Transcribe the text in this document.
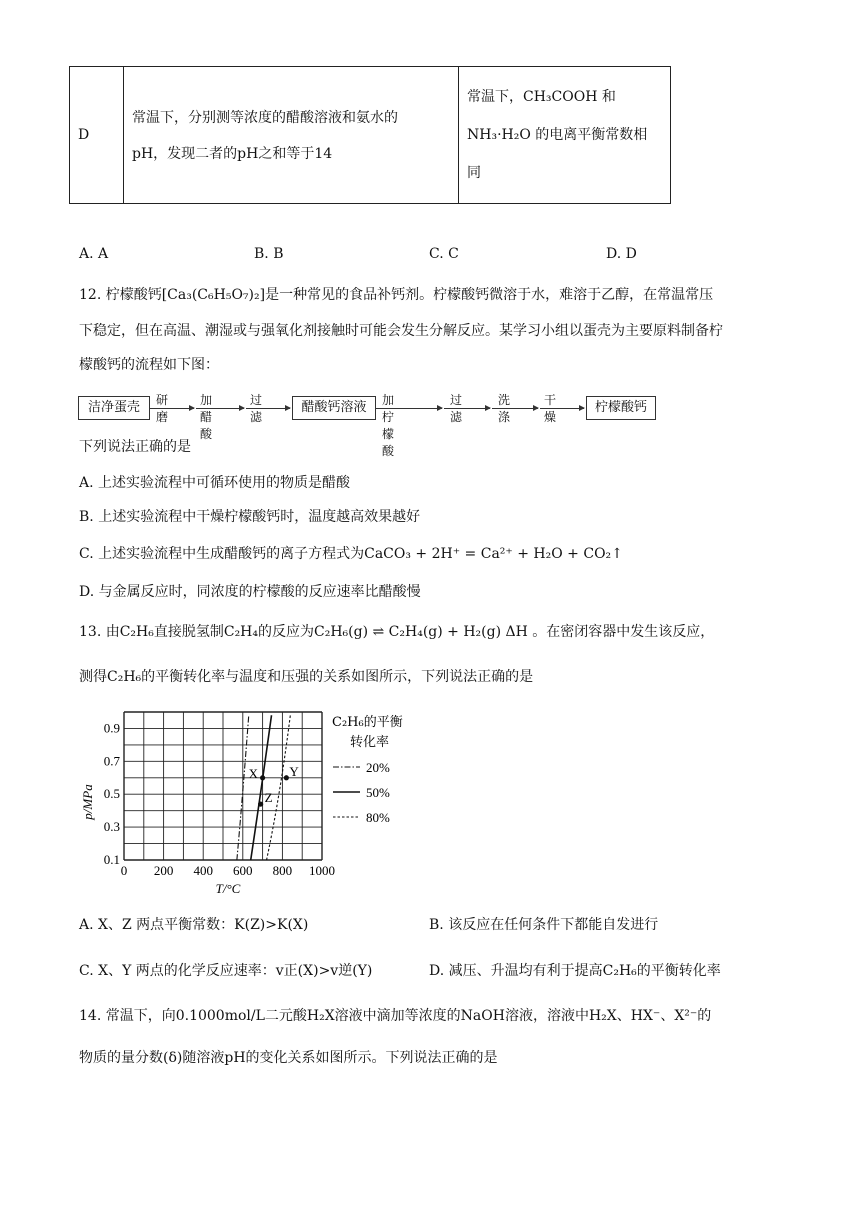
D	
常温下，分别测等浓度的醋酸溶液和氨水的
pH，发现二者的pH之和等于14

常温下，CH₃COOH 和
NH₃·H₂O 的电离平衡常数相
同
A. A	B. B	C. C	D. D
12. 柠檬酸钙[Ca₃(C₆H₅O₇)₂]是一种常见的食品补钙剂。柠檬酸钙微溶于水，难溶于乙醇，在常温常压
下稳定，但在高温、潮湿或与强氧化剂接触时可能会发生分解反应。某学习小组以蛋壳为主要原料制备柠
檬酸钙的流程如下图：
洁净蛋壳	研磨
加醋酸
过滤
醋酸钙溶液	加柠檬酸
过滤
洗涤
干燥
柠檬酸钙
下列说法正确的是
A. 上述实验流程中可循环使用的物质是醋酸
B. 上述实验流程中干燥柠檬酸钙时，温度越高效果越好
C. 上述实验流程中生成醋酸钙的离子方程式为CaCO₃ + 2H⁺ = Ca²⁺ + H₂O + CO₂↑
D. 与金属反应时，同浓度的柠檬酸的反应速率比醋酸慢
13. 由C₂H₆直接脱氢制C₂H₄的反应为C₂H₆(g) ⇌ C₂H₄(g) + H₂(g) ΔH 。在密闭容器中发生该反应，
测得C₂H₆的平衡转化率与温度和压强的关系如图所示，下列说法正确的是
X Y
Z
0 200 400 600 800 1000
0.1
0.3
0.5
0.7
0.9
p/MPa
T/°C
C₂H₆的平衡
转化率
20%
50%
80%
A. X、Z 两点平衡常数：K(Z)>K(X)	B. 该反应在任何条件下都能自发进行
C. X、Y 两点的化学反应速率：v正(X)>v逆(Y)	D. 减压、升温均有利于提高C₂H₆的平衡转化率
14. 常温下，向0.1000mol/L二元酸H₂X溶液中滴加等浓度的NaOH溶液，溶液中H₂X、HX⁻、X²⁻的
物质的量分数(δ)随溶液pH的变化关系如图所示。下列说法正确的是
